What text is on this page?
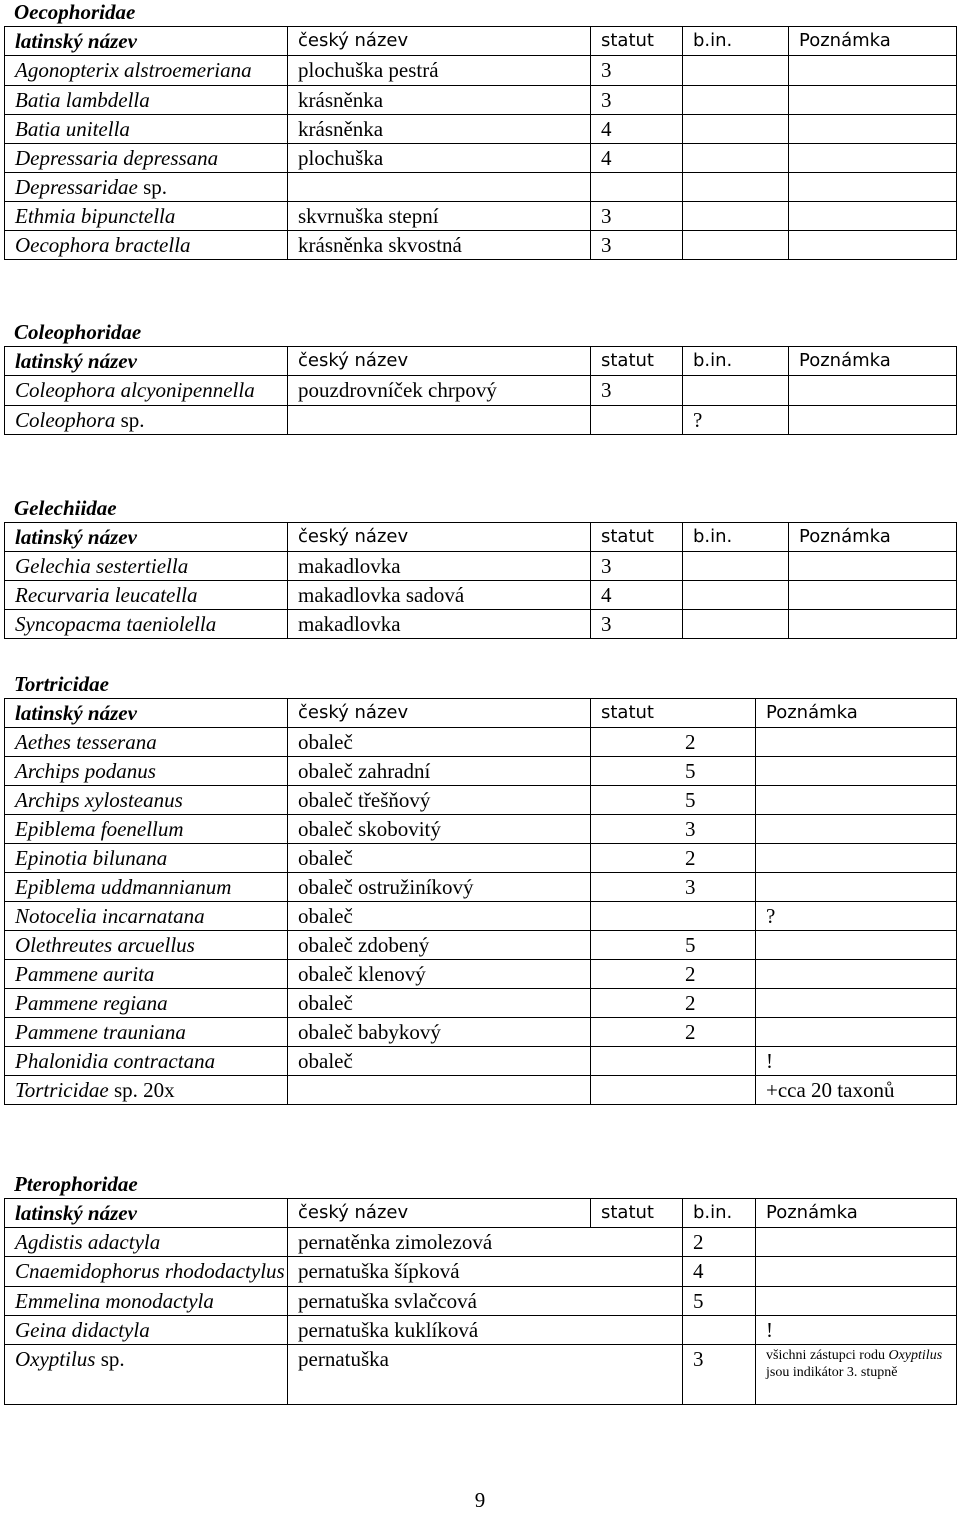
Oecophoridae
latinský název	český název	statut	b.in.	Poznámka
Agonopterix alstroemeriana	plochuška pestrá	3		
Batia lambdella	krásněnka	3		
Batia unitella	krásněnka	4		
Depressaria depressana	plochuška	4		
Depressaridae sp.				
Ethmia bipunctella	skvrnuška stepní	3		
Oecophora bractella	krásněnka skvostná	3		
Coleophoridae
latinský název	český název	statut	b.in.	Poznámka
Coleophora alcyonipennella	pouzdrovníček chrpový	3		
Coleophora sp.			?	
Gelechiidae
latinský název	český název	statut	b.in.	Poznámka
Gelechia sestertiella	makadlovka	3		
Recurvaria leucatella	makadlovka sadová	4		
Syncopacma taeniolella	makadlovka	3		
Tortricidae
latinský název	český název	statut	Poznámka
Aethes tesserana	obaleč	2	
Archips podanus	obaleč zahradní	5	
Archips xylosteanus	obaleč třešňový	5	
Epiblema foenellum	obaleč skobovitý	3	
Epinotia bilunana	obaleč	2	
Epiblema uddmannianum	obaleč ostružiníkový	3	
Notocelia incarnatana	obaleč		?
Olethreutes arcuellus	obaleč zdobený	5	
Pammene aurita	obaleč klenový	2	
Pammene regiana	obaleč	2	
Pammene trauniana	obaleč babykový	2	
Phalonidia contractana	obaleč		!
Tortricidae sp. 20x			+cca 20 taxonů
Pterophoridae
latinský název	český název	statut	b.in.	Poznámka
Agdistis adactyla	pernatěnka zimolezová		2	
Cnaemidophorus rhododactylus	pernatuška šípková		4	
Emmelina monodactyla	pernatuška svlačcová		5	
Geina didactyla	pernatuška kuklíková			!
Oxyptilus sp.	pernatuška		3	všichni zástupci rodu Oxyptilus jsou indikátor 3. stupně
9
